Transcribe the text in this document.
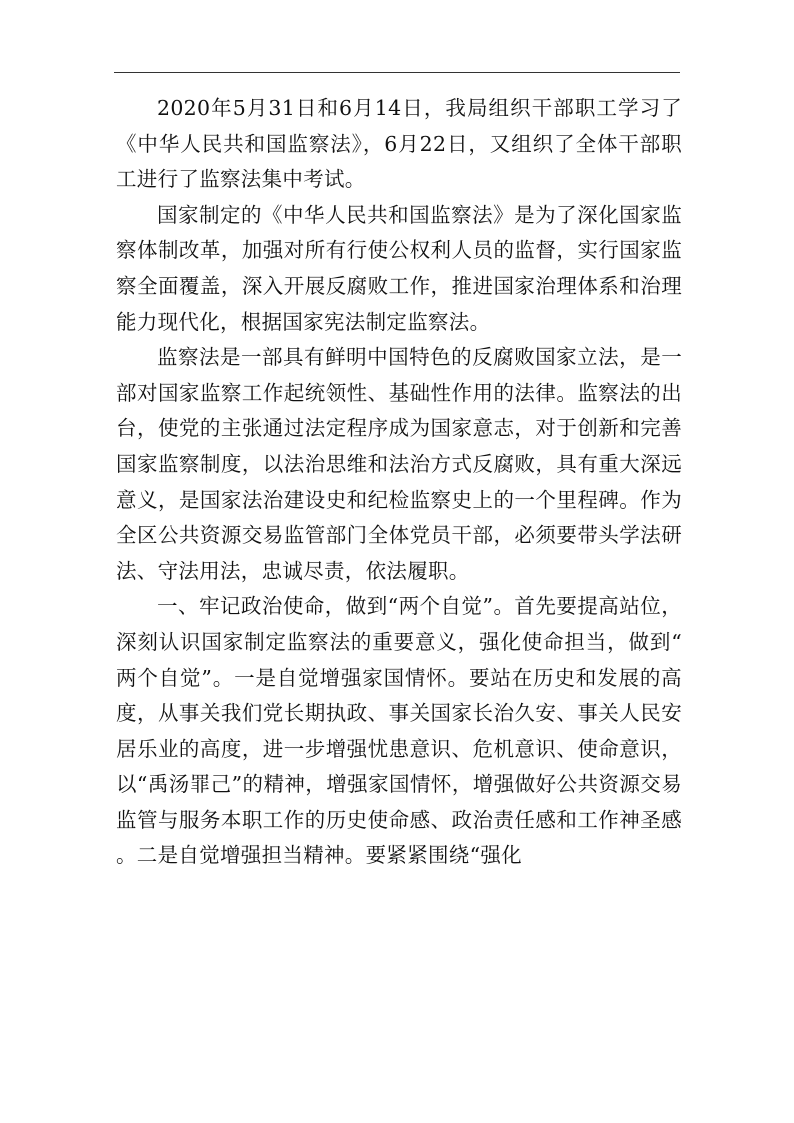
2020年5月31日和6月14日，我局组织干部职工学习了《中华人民共和国监察法》，6月22日，又组织了全体干部职工进行了监察法集中考试。

国家制定的《中华人民共和国监察法》是为了深化国家监察体制改革，加强对所有行使公权利人员的监督，实行国家监察全面覆盖，深入开展反腐败工作，推进国家治理体系和治理能力现代化，根据国家宪法制定监察法。

监察法是一部具有鲜明中国特色的反腐败国家立法，是一部对国家监察工作起统领性、基础性作用的法律。监察法的出台，使党的主张通过法定程序成为国家意志，对于创新和完善国家监察制度，以法治思维和法治方式反腐败，具有重大深远意义，是国家法治建设史和纪检监察史上的一个里程碑。作为全区公共资源交易监管部门全体党员干部，必须要带头学法研法、守法用法，忠诚尽责，依法履职。

一、牢记政治使命，做到“两个自觉”。首先要提高站位，深刻认识国家制定监察法的重要意义，强化使命担当，做到“两个自觉”。一是自觉增强家国情怀。要站在历史和发展的高度，从事关我们党长期执政、事关国家长治久安、事关人民安居乐业的高度，进一步增强忧患意识、危机意识、使命意识，以“禹汤罪己”的精神，增强家国情怀，增强做好公共资源交易监管与服务本职工作的历史使命感、政治责任感和工作神圣感。二是自觉增强担当精神。要紧紧围绕“强化
